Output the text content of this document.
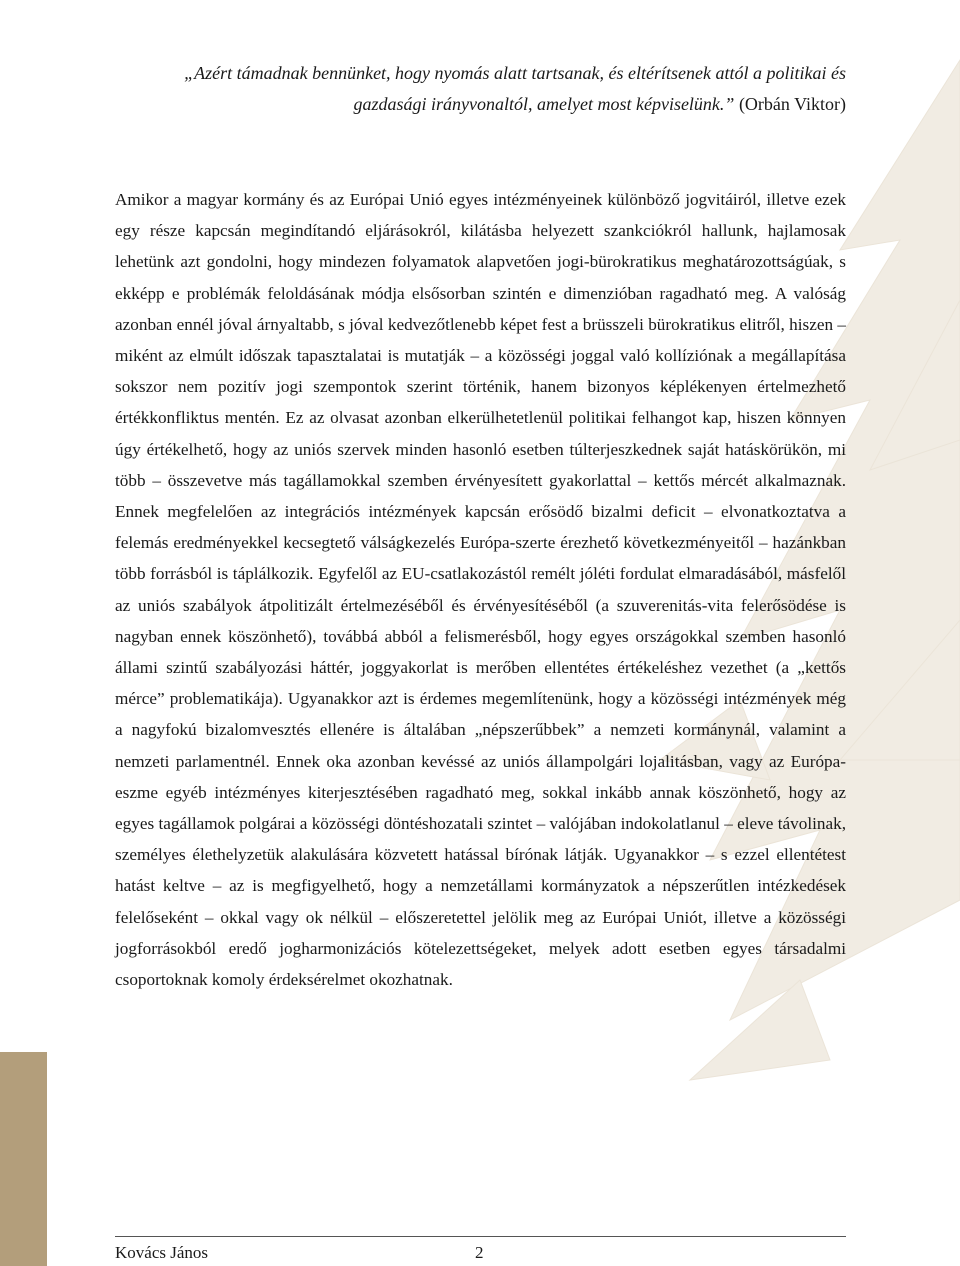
„Azért támadnak bennünket, hogy nyomás alatt tartsanak, és eltérítsenek attól a politikai és
gazdasági irányvonaltól, amelyet most képviselünk.” (Orbán Viktor)
Amikor a magyar kormány és az Európai Unió egyes intézményeinek különböző jogvitáiról, illetve ezek egy része kapcsán megindítandó eljárásokról, kilátásba helyezett szankciókról hallunk, hajlamosak lehetünk azt gondolni, hogy mindezen folyamatok alapvetően jogi-bürokratikus meghatározottságúak, s ekképp e problémák feloldásának módja elsősorban szintén e dimenzióban ragadható meg. A valóság azonban ennél jóval árnyaltabb, s jóval kedvezőtlenebb képet fest a brüsszeli bürokratikus elitről, hiszen – miként az elmúlt időszak tapasztalatai is mutatják – a közösségi joggal való kollíziónak a megállapítása sokszor nem pozitív jogi szempontok szerint történik, hanem bizonyos képlékenyen értelmezhető értékkonfliktus mentén. Ez az olvasat azonban elkerülhetetlenül politikai felhangot kap, hiszen könnyen úgy értékelhető, hogy az uniós szervek minden hasonló esetben túlterjeszkednek saját hatáskörükön, mi több – összevetve más tagállamokkal szemben érvényesített gyakorlattal – kettős mércét alkalmaznak. Ennek megfelelően az integrációs intézmények kapcsán erősödő bizalmi deficit – elvonatkoztatva a felemás eredményekkel kecsegtető válságkezelés Európa-szerte érezhető következményeitől – hazánkban több forrásból is táplálkozik. Egyfelől az EU-csatlakozástól remélt jóléti fordulat elmaradásából, másfelől az uniós szabályok átpolitizált értelmezéséből és érvényesítéséből (a szuverenitás-vita felerősödése is nagyban ennek köszönhető), továbbá abból a felismerésből, hogy egyes országokkal szemben hasonló állami szintű szabályozási háttér, joggyakorlat is merőben ellentétes értékeléshez vezethet (a „kettős mérce” problematikája). Ugyanakkor azt is érdemes megemlítenünk, hogy a közösségi intézmények még a nagyfokú bizalomvesztés ellenére is általában „népszerűbbek” a nemzeti kormánynál, valamint a nemzeti parlamentnél. Ennek oka azonban kevéssé az uniós állampolgári lojalitásban, vagy az Európa-eszme egyéb intézményes kiterjesztésében ragadható meg, sokkal inkább annak köszönhető, hogy az egyes tagállamok polgárai a közösségi döntéshozatali szintet – valójában indokolatlanul – eleve távolinak, személyes élethelyzetük alakulására közvetett hatással bírónak látják. Ugyanakkor – s ezzel ellentétest hatást keltve – az is megfigyelhető, hogy a nemzetállami kormányzatok a népszerűtlen intézkedések felelőseként – okkal vagy ok nélkül – előszeretettel jelölik meg az Európai Uniót, illetve a közösségi jogforrásokból eredő jogharmonizációs kötelezettségeket, melyek adott esetben egyes társadalmi csoportoknak komoly érdeksérelmet okozhatnak.
Kovács János	2
